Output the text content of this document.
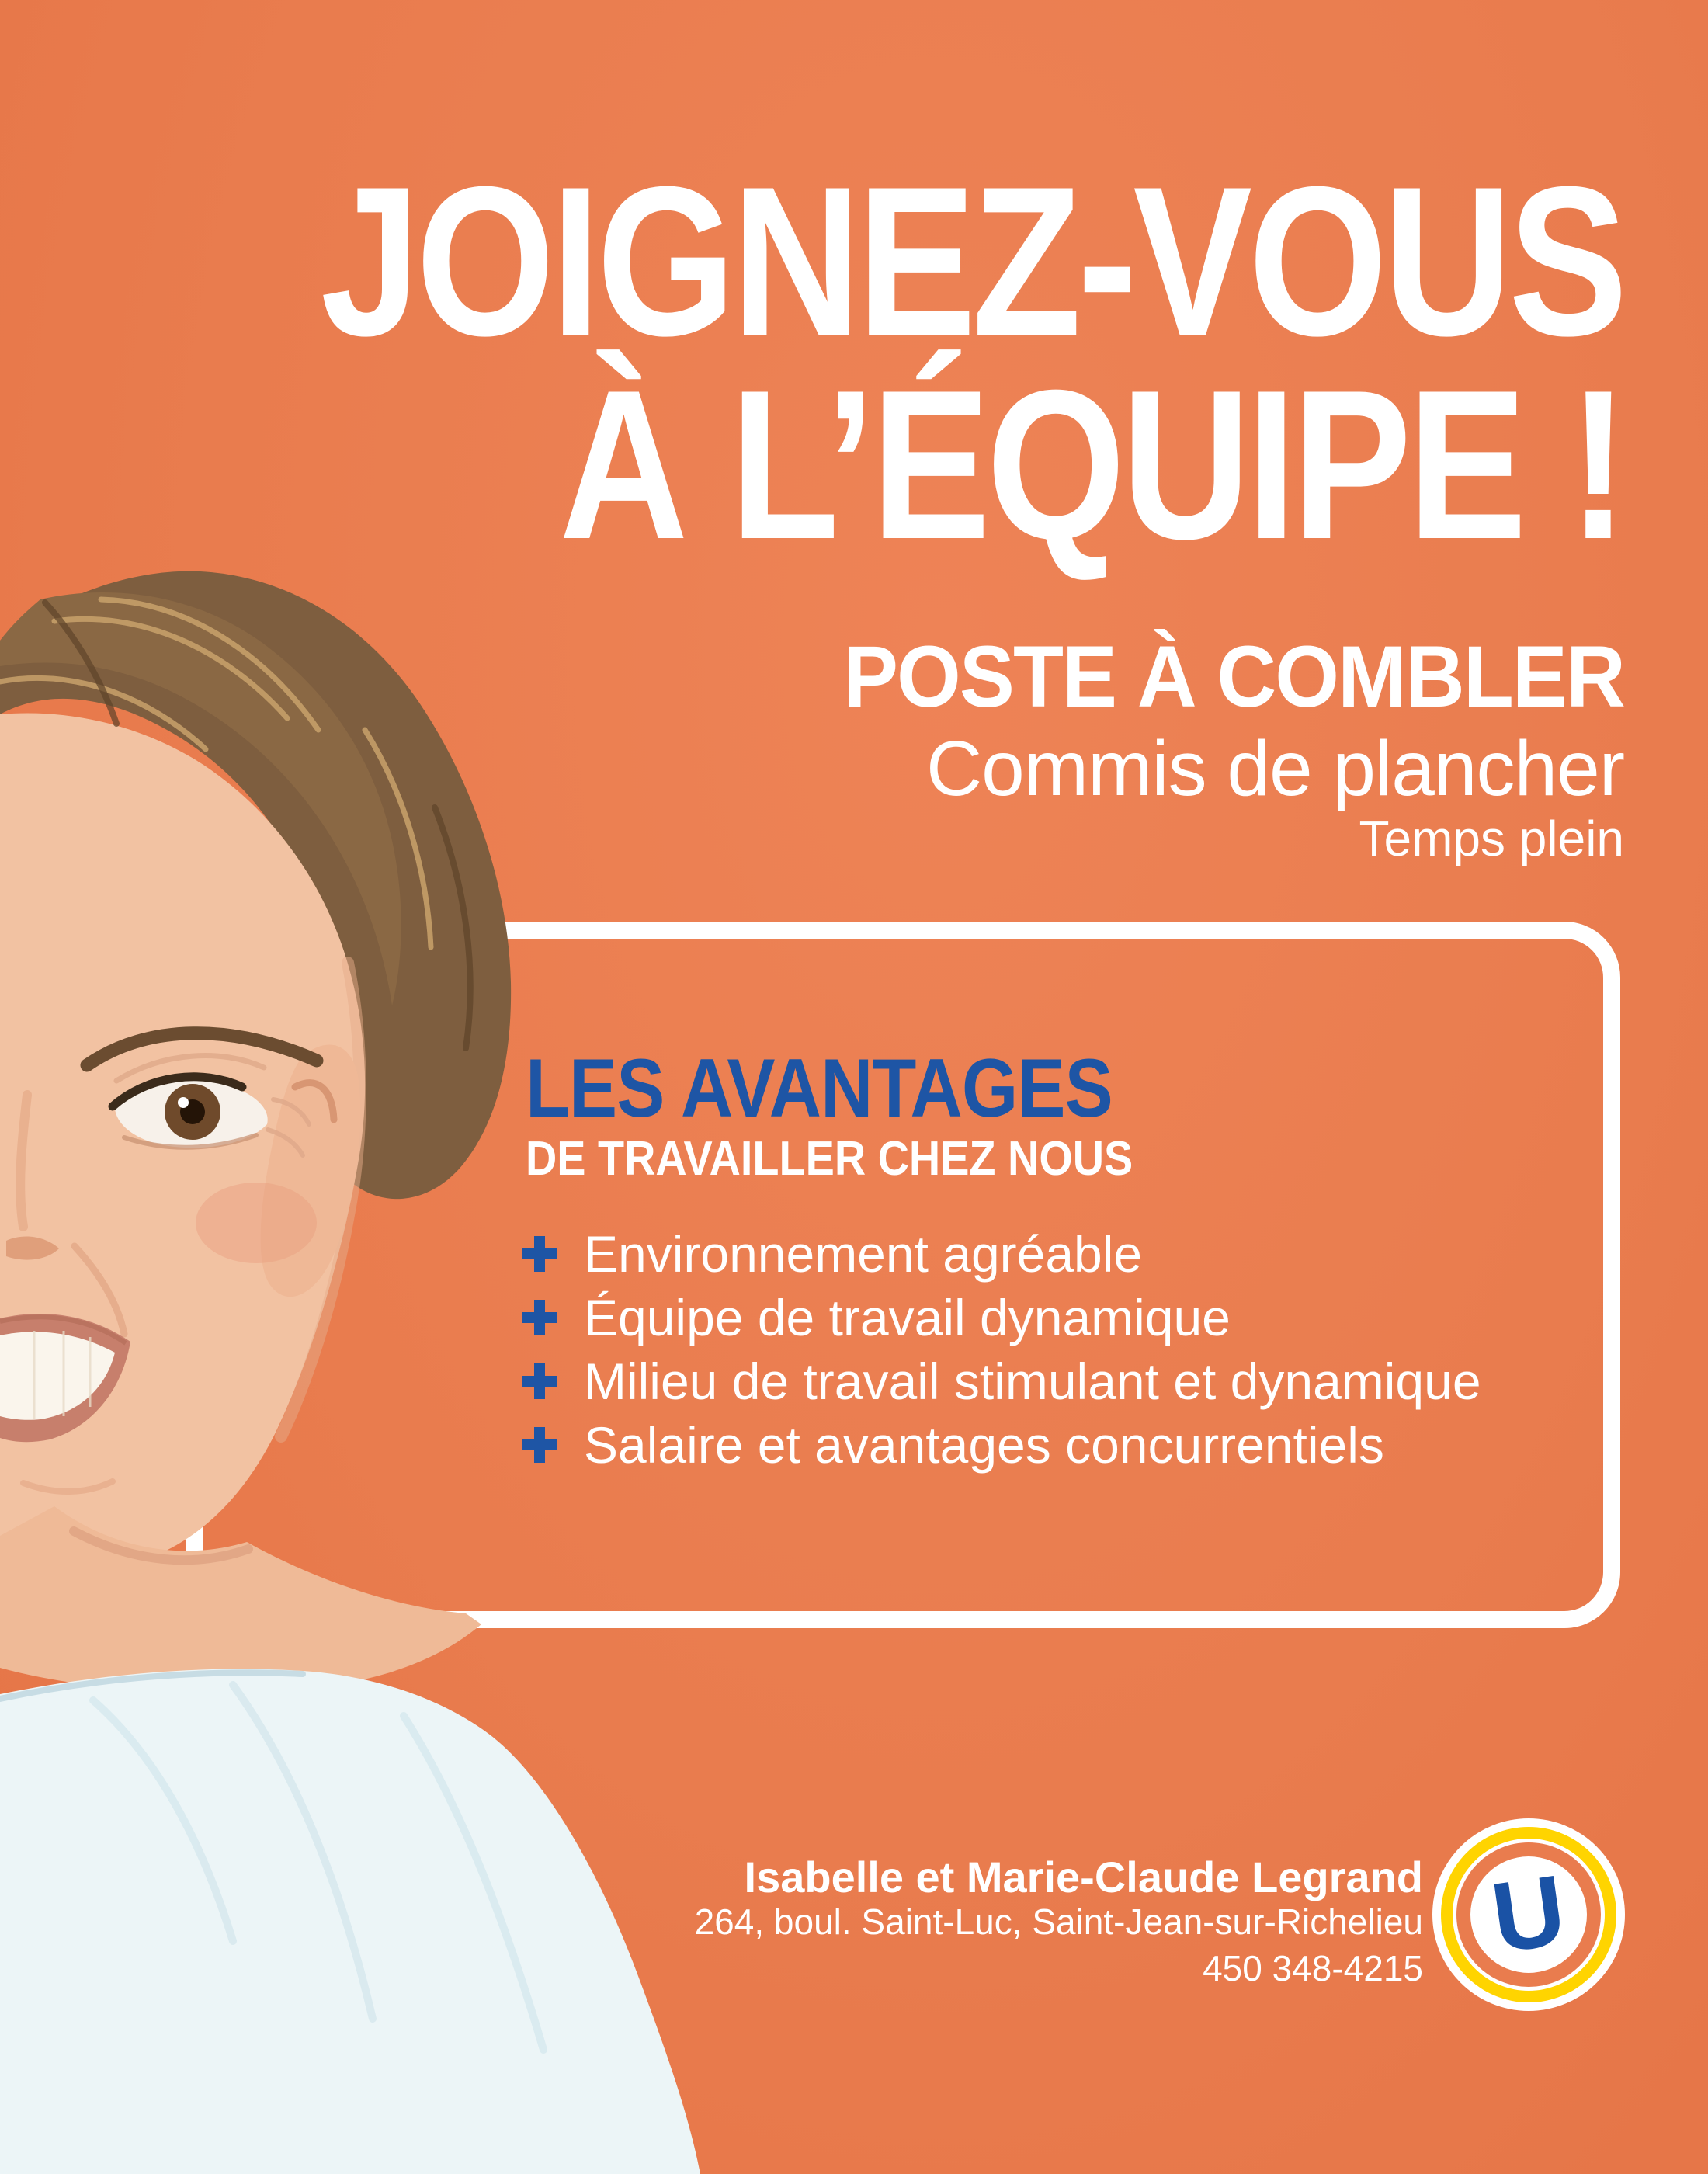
JOIGNEZ-VOUS
À L’ÉQUIPE !
POSTE À COMBLER
Commis de plancher
Temps plein
LES AVANTAGES
DE TRAVAILLER CHEZ NOUS
Environnement agréable
Équipe de travail dynamique
Milieu de travail stimulant et dynamique
Salaire et avantages concurrentiels
Isabelle et Marie-Claude Legrand
264, boul. Saint-Luc, Saint-Jean-sur-Richelieu
450 348-4215 U
